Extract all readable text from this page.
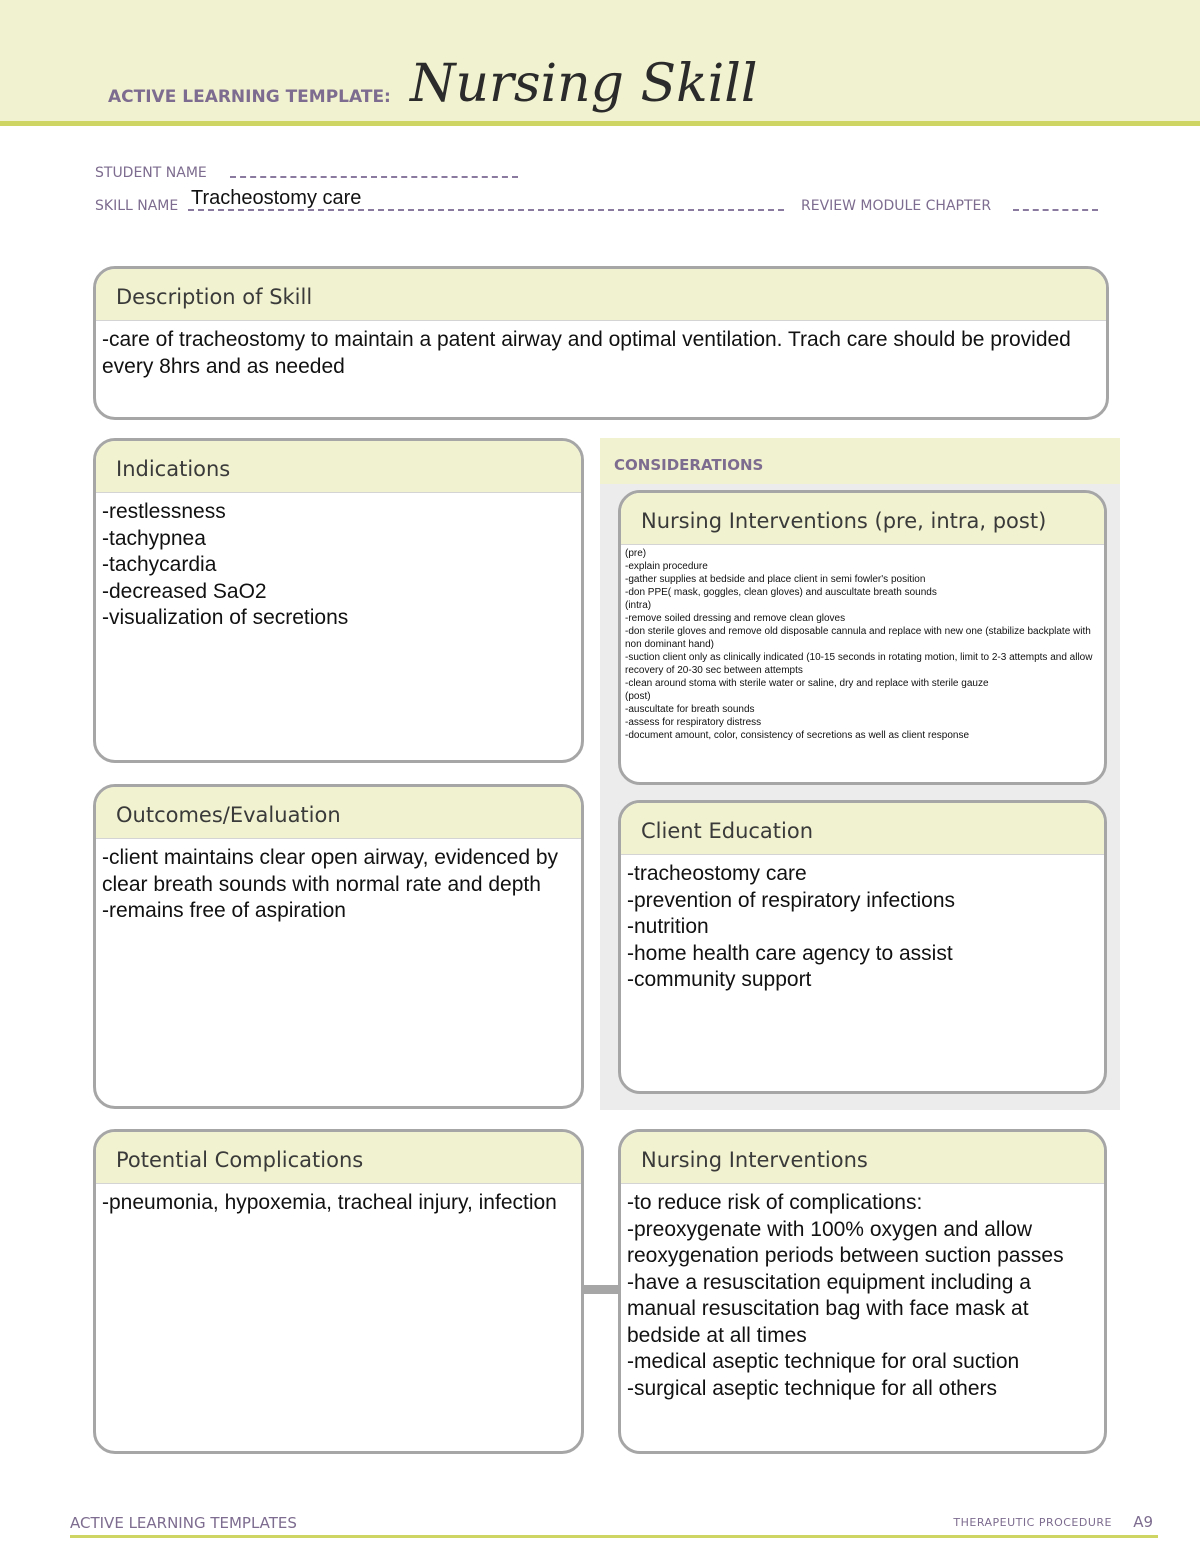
ACTIVE LEARNING TEMPLATE: Nursing Skill
STUDENT NAME
SKILL NAME Tracheostomy care	REVIEW MODULE CHAPTER
Description of Skill
-care of tracheostomy to maintain a patent airway and optimal ventilation. Trach care should be provided every 8hrs and as needed
Indications
-restlessness
-tachypnea
-tachycardia
-decreased SaO2
-visualization of secretions
CONSIDERATIONS
Nursing Interventions (pre, intra, post)
(pre)
-explain procedure
-gather supplies at bedside and place client in semi fowler's position
-don PPE( mask, goggles, clean gloves) and auscultate breath sounds
(intra)
-remove soiled dressing and remove clean gloves
-don sterile gloves and remove old disposable cannula and replace with new one (stabilize backplate with non dominant hand)
-suction client only as clinically indicated (10-15 seconds in rotating motion, limit to 2-3 attempts and allow recovery of 20-30 sec between attempts
-clean around stoma with sterile water or saline, dry and replace with sterile gauze
(post)
-auscultate for breath sounds
-assess for respiratory distress
-document amount, color, consistency of secretions as well as client response
Client Education
-tracheostomy care
-prevention of respiratory infections
-nutrition
-home health care agency to assist
-community support
Outcomes/Evaluation
-client maintains clear open airway, evidenced by clear breath sounds with normal rate and depth
-remains free of aspiration
Potential Complications
-pneumonia, hypoxemia, tracheal injury, infection
Nursing Interventions
-to reduce risk of complications:
-preoxygenate with 100% oxygen and allow reoxygenation periods between suction passes
-have a resuscitation equipment including a manual resuscitation bag with face mask at bedside at all times
-medical aseptic technique for oral suction
-surgical aseptic technique for all others
ACTIVE LEARNING TEMPLATES	THERAPEUTIC PROCEDURE A9
